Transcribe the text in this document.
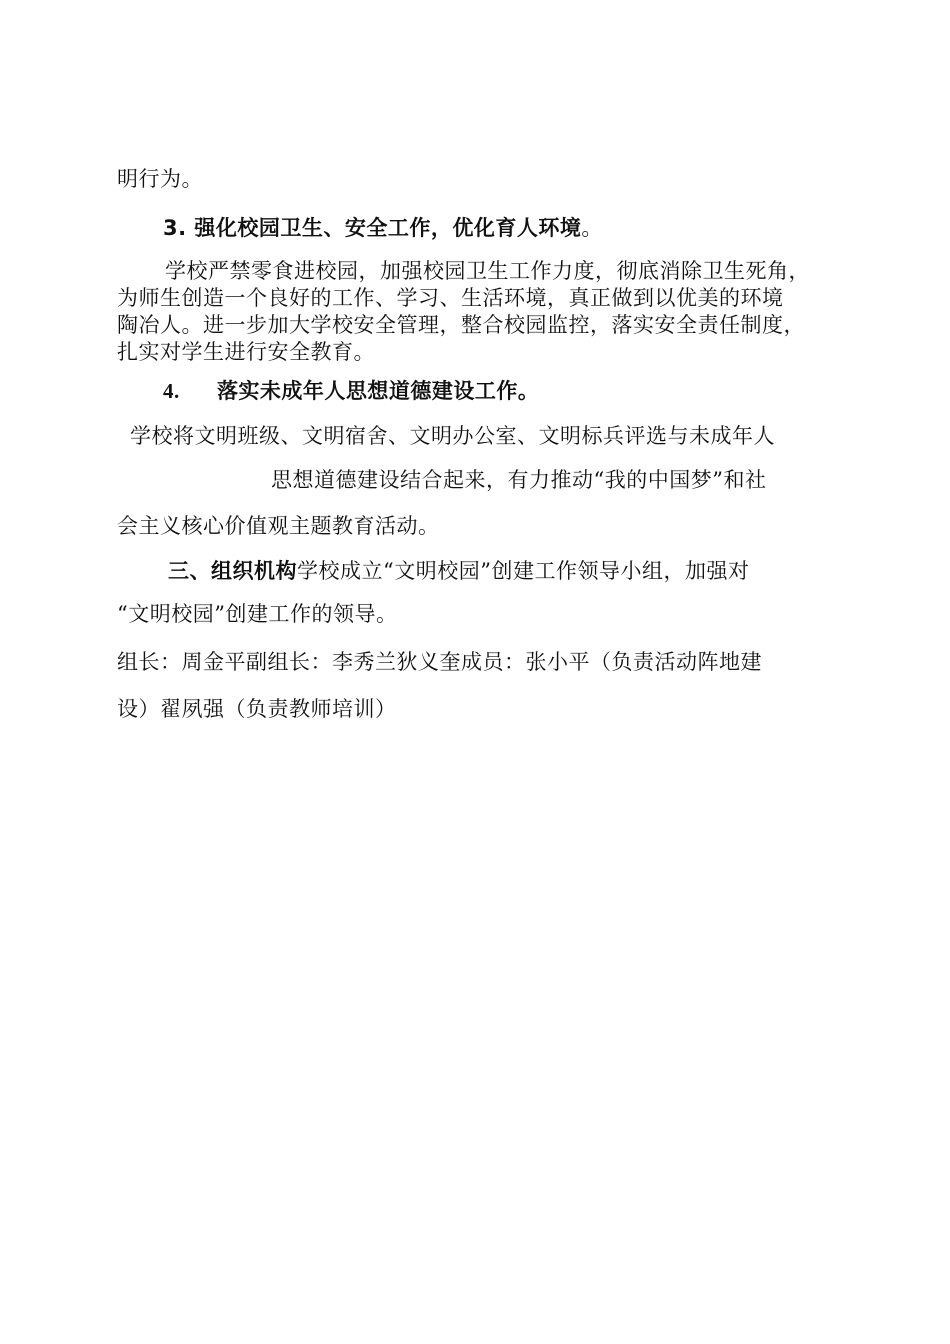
明行为。
3. 强化校园卫生、安全工作，优化育人环境。
学校严禁零食进校园，加强校园卫生工作力度，彻底消除卫生死角，
为师生创造一个良好的工作、学习、生活环境，真正做到以优美的环境
陶冶人。进一步加大学校安全管理，整合校园监控，落实安全责任制度，
扎实对学生进行安全教育。
4. 落实未成年人思想道德建设工作。
学校将文明班级、文明宿舍、文明办公室、文明标兵评选与未成年人
思想道德建设结合起来，有力推动“我的中国梦”和社
会主义核心价值观主题教育活动。
三、组织机构学校成立“文明校园”创建工作领导小组，加强对
“文明校园”创建工作的领导。
组长：周金平副组长：李秀兰狄义奎成员：张小平（负责活动阵地建
设）翟夙强（负责教师培训）
